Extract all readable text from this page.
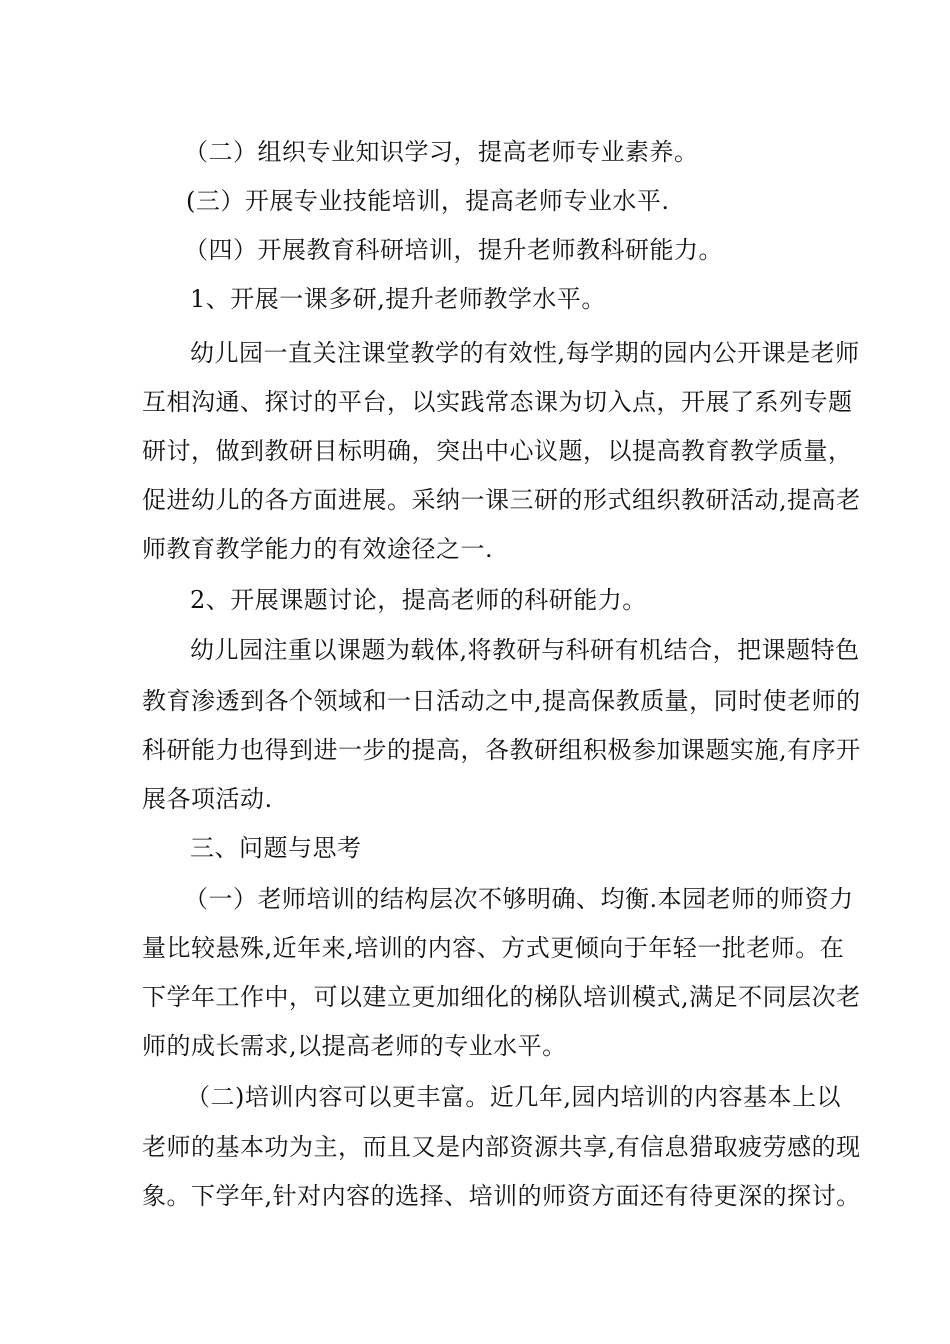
（二）组织专业知识学习，提高老师专业素养。
(三）开展专业技能培训，提高老师专业水平.
（四）开展教育科研培训，提升老师教科研能力。
1、开展一课多研,提升老师教学水平。
幼儿园一直关注课堂教学的有效性,每学期的园内公开课是老师
互相沟通、探讨的平台，以实践常态课为切入点，开展了系列专题
研讨，做到教研目标明确，突出中心议题，以提高教育教学质量，
促进幼儿的各方面进展。采纳一课三研的形式组织教研活动,提高老
师教育教学能力的有效途径之一.
2、开展课题讨论，提高老师的科研能力。
幼儿园注重以课题为载体,将教研与科研有机结合，把课题特色
教育渗透到各个领域和一日活动之中,提高保教质量，同时使老师的
科研能力也得到进一步的提高，各教研组积极参加课题实施,有序开
展各项活动.
三、问题与思考
（一）老师培训的结构层次不够明确、均衡.本园老师的师资力
量比较悬殊,近年来,培训的内容、方式更倾向于年轻一批老师。在
下学年工作中，可以建立更加细化的梯队培训模式,满足不同层次老
师的成长需求,以提高老师的专业水平。
（二)培训内容可以更丰富。近几年,园内培训的内容基本上以
老师的基本功为主，而且又是内部资源共享,有信息猎取疲劳感的现
象。下学年,针对内容的选择、培训的师资方面还有待更深的探讨。
